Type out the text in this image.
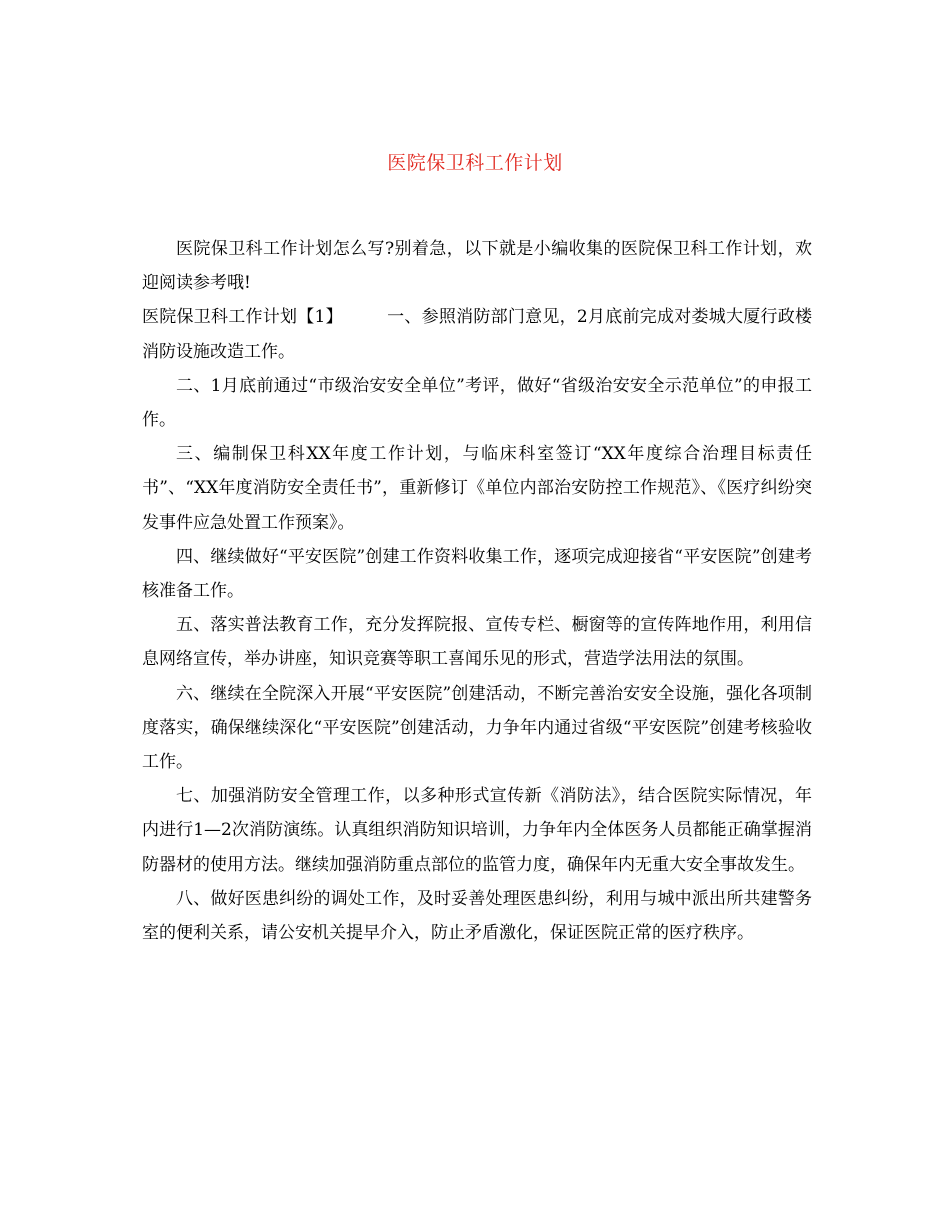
医院保卫科工作计划

医院保卫科工作计划怎么写?别着急，以下就是小编收集的医院保卫科工作计划，欢迎阅读参考哦!

医院保卫科工作计划【1】	一、参照消防部门意见，2月底前完成对娄城大厦行政楼消防设施改造工作。

二、1月底前通过“市级治安安全单位”考评，做好“省级治安安全示范单位”的申报工作。

三、编制保卫科XX年度工作计划，与临床科室签订“XX年度综合治理目标责任书”、“XX年度消防安全责任书”，重新修订《单位内部治安防控工作规范》、《医疗纠纷突发事件应急处置工作预案》。

四、继续做好“平安医院”创建工作资料收集工作，逐项完成迎接省“平安医院”创建考核准备工作。

五、落实普法教育工作，充分发挥院报、宣传专栏、橱窗等的宣传阵地作用，利用信息网络宣传，举办讲座，知识竞赛等职工喜闻乐见的形式，营造学法用法的氛围。

六、继续在全院深入开展“平安医院”创建活动，不断完善治安安全设施，强化各项制度落实，确保继续深化“平安医院”创建活动，力争年内通过省级“平安医院”创建考核验收工作。

七、加强消防安全管理工作，以多种形式宣传新《消防法》，结合医院实际情况，年内进行1—2次消防演练。认真组织消防知识培训，力争年内全体医务人员都能正确掌握消防器材的使用方法。继续加强消防重点部位的监管力度，确保年内无重大安全事故发生。

八、做好医患纠纷的调处工作，及时妥善处理医患纠纷，利用与城中派出所共建警务室的便利关系，请公安机关提早介入，防止矛盾激化，保证医院正常的医疗秩序。
